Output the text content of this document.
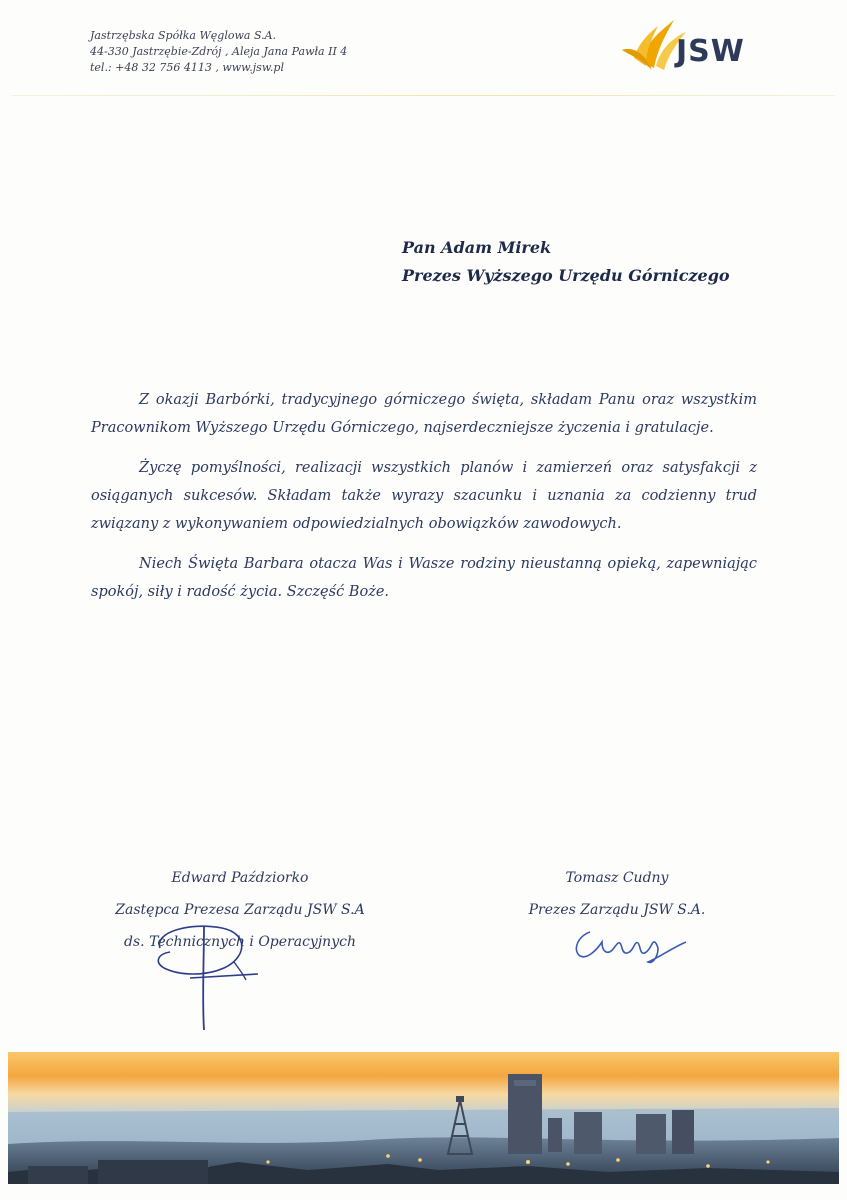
Jastrzębska Spółka Węglowa S.A.
44-330 Jastrzębie-Zdrój , Aleja Jana Pawła II 4
tel.: +48 32 756 4113 , www.jsw.pl	JSW
Pan Adam Mirek
Prezes Wyższego Urzędu Górniczego

Z okazji Barbórki, tradycyjnego górniczego święta, składam Panu oraz wszystkim Pracownikom Wyższego Urzędu Górniczego, najserdeczniejsze życzenia i gratulacje.

Życzę pomyślności, realizacji wszystkich planów i zamierzeń oraz satysfakcji z osiąganych sukcesów. Składam także wyrazy szacunku i uznania za codzienny trud związany z wykonywaniem odpowiedzialnych obowiązków zawodowych.

Niech Święta Barbara otacza Was i Wasze rodziny nieustanną opieką, zapewniając spokój, siły i radość życia. Szczęść Boże.

Edward Paździorko
Zastępca Prezesa Zarządu JSW S.A
ds. Technicznych i Operacyjnych
Tomasz Cudny
Prezes Zarządu JSW S.A.
